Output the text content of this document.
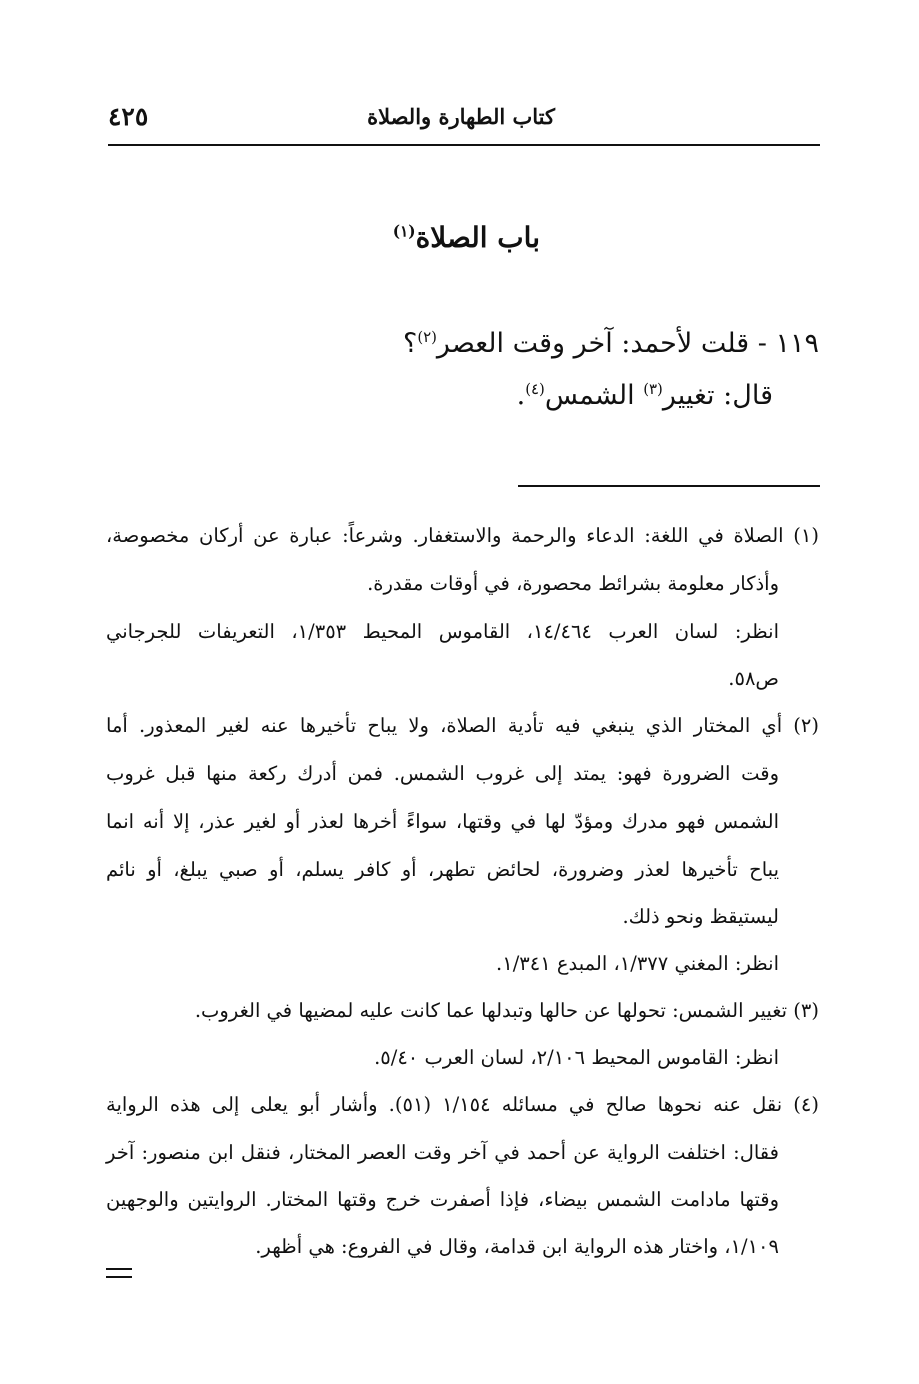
كتاب الطهارة والصلاة
٤٢٥
باب الصلاة$^{(١)}$
١١٩ - قلت لأحمد: آخر وقت العصر$^{(٢)}$؟
قال: تغيير$^{(٣)}$ الشمس$^{(٤)}$.
(١) الصلاة في اللغة: الدعاء والرحمة والاستغفار. وشرعاً: عبارة عن أركان مخصوصة،
وأذكار معلومة بشرائط محصورة، في أوقات مقدرة.
انظر: لسان العرب ١٤/٤٦٤، القاموس المحيط ١/٣٥٣، التعريفات للجرجاني
ص٥٨.
(٢) أي المختار الذي ينبغي فيه تأدية الصلاة، ولا يباح تأخيرها عنه لغير المعذور. أما
وقت الضرورة فهو: يمتد إلى غروب الشمس. فمن أدرك ركعة منها قبل غروب
الشمس فهو مدرك ومؤدّ لها في وقتها، سواءً أخرها لعذر أو لغير عذر، إلا أنه انما
يباح تأخيرها لعذر وضرورة، لحائض تطهر، أو كافر يسلم، أو صبي يبلغ، أو نائم
ليستيقظ ونحو ذلك.
انظر: المغني ١/٣٧٧، المبدع ١/٣٤١.
(٣) تغيير الشمس: تحولها عن حالها وتبدلها عما كانت عليه لمضيها في الغروب.
انظر: القاموس المحيط ٢/١٠٦، لسان العرب ٥/٤٠.
(٤) نقل عنه نحوها صالح في مسائله ١/١٥٤ (٥١). وأشار أبو يعلى إلى هذه الرواية
فقال: اختلفت الرواية عن أحمد في آخر وقت العصر المختار، فنقل ابن منصور: آخر
وقتها مادامت الشمس بيضاء، فإذا أصفرت خرج وقتها المختار. الروايتين والوجهين
١/١٠٩، واختار هذه الرواية ابن قدامة، وقال في الفروع: هي أظهر.
